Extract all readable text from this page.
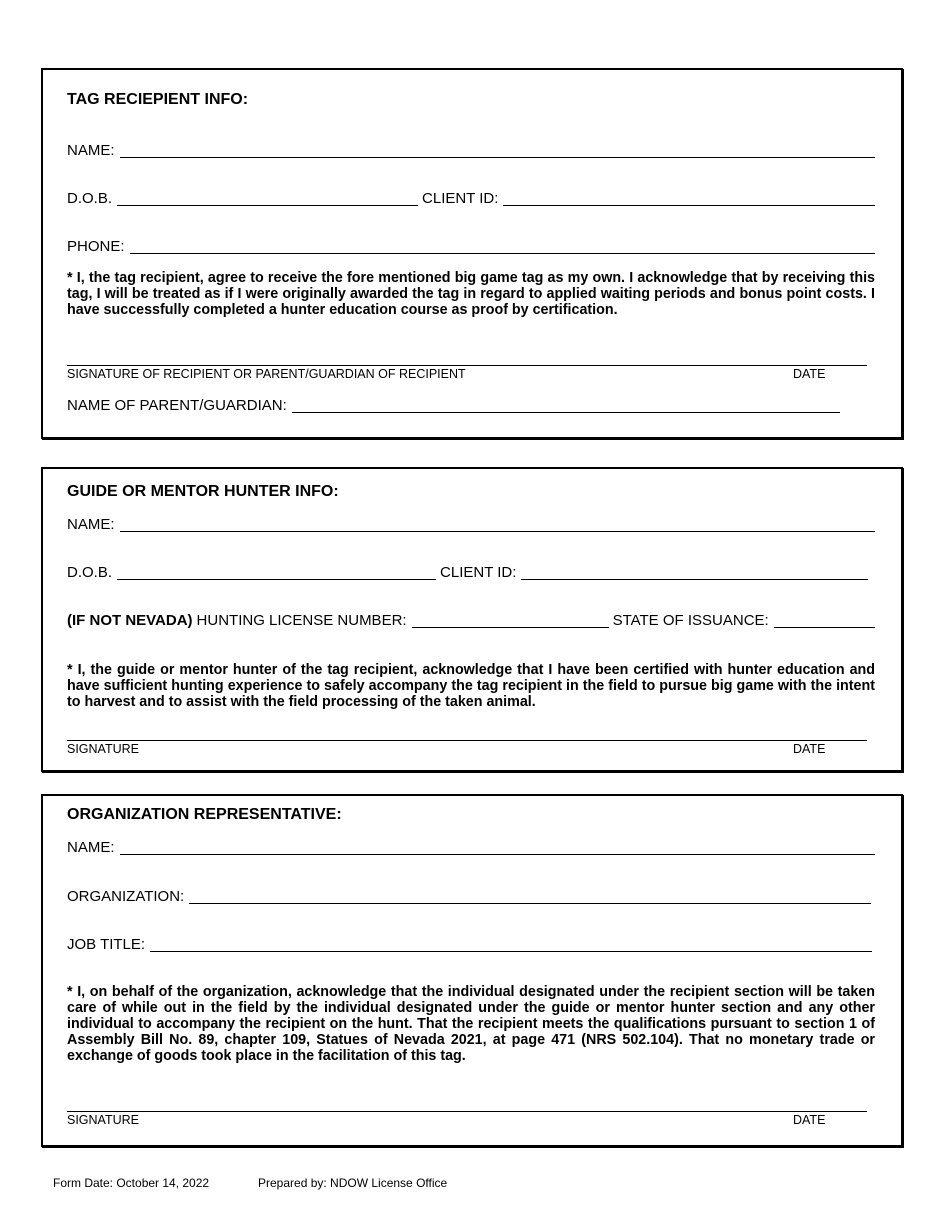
TAG RECIEPIENT INFO:
NAME:
D.O.B.	CLIENT ID:
PHONE:
* I, the tag recipient, agree to receive the fore mentioned big game tag as my own. I acknowledge that by receiving this tag, I will be treated as if I were originally awarded the tag in regard to applied waiting periods and bonus point costs. I have successfully completed a hunter education course as proof by certification.
SIGNATURE OF RECIPIENT OR PARENT/GUARDIAN OF RECIPIENT	DATE
NAME OF PARENT/GUARDIAN:
GUIDE OR MENTOR HUNTER INFO:
NAME:
D.O.B.	CLIENT ID:
(IF NOT NEVADA) HUNTING LICENSE NUMBER:	STATE OF ISSUANCE:
* I, the guide or mentor hunter of the tag recipient, acknowledge that I have been certified with hunter education and have sufficient hunting experience to safely accompany the tag recipient in the field to pursue big game with the intent to harvest and to assist with the field processing of the taken animal.
SIGNATURE	DATE
ORGANIZATION REPRESENTATIVE:
NAME:
ORGANIZATION:
JOB TITLE:
* I, on behalf of the organization, acknowledge that the individual designated under the recipient section will be taken care of while out in the field by the individual designated under the guide or mentor hunter section and any other individual to accompany the recipient on the hunt. That the recipient meets the qualifications pursuant to section 1 of Assembly Bill No. 89, chapter 109, Statues of Nevada 2021, at page 471 (NRS 502.104). That no monetary trade or exchange of goods took place in the facilitation of this tag.
SIGNATURE	DATE
Form Date: October 14, 2022	Prepared by: NDOW License Office
